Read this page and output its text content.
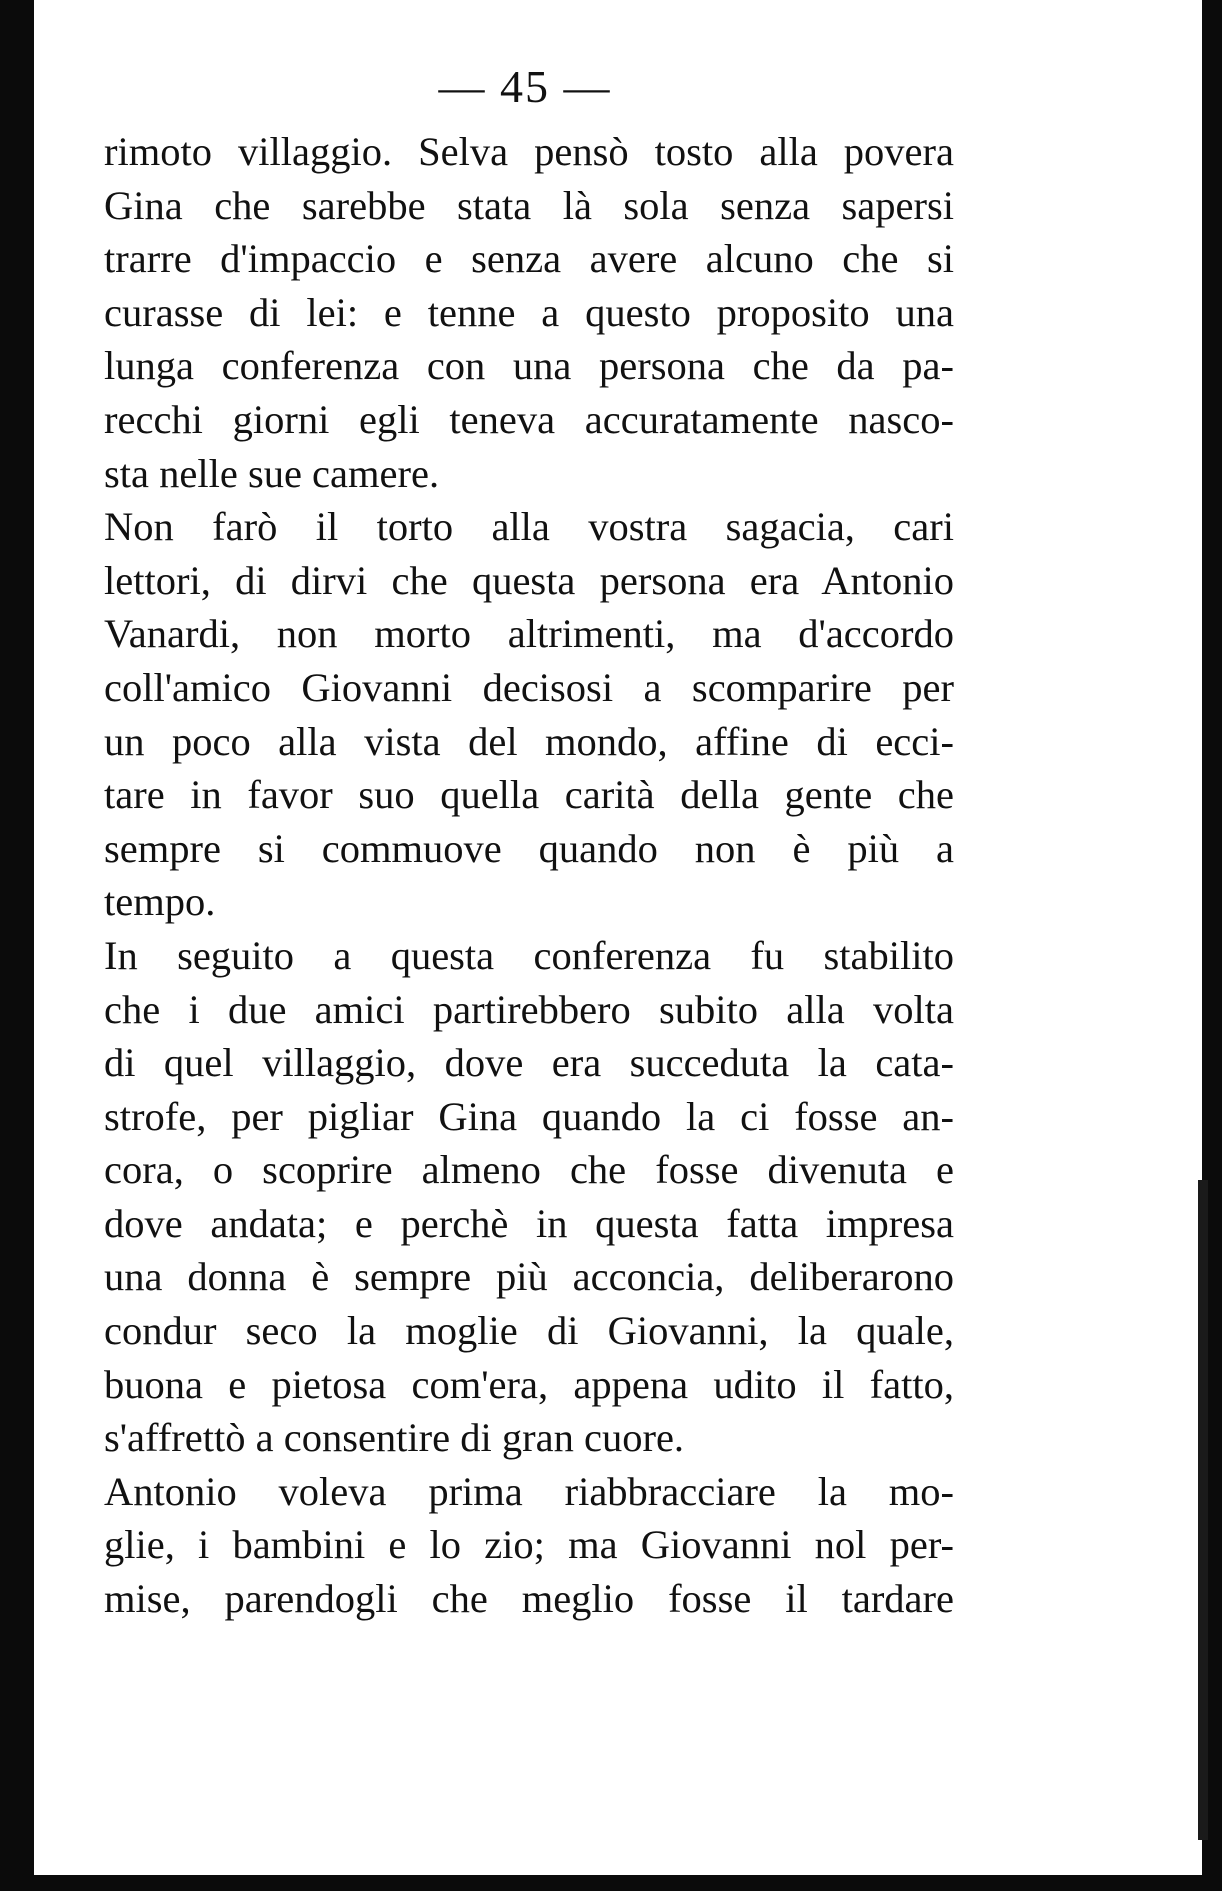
— 45 —

rimoto villaggio. Selva pensò tosto alla povera
Gina che sarebbe stata là sola senza sapersi
trarre d'impaccio e senza avere alcuno che si
curasse di lei: e tenne a questo proposito una
lunga conferenza con una persona che da pa-
recchi giorni egli teneva accuratamente nasco-
sta nelle sue camere.

Non farò il torto alla vostra sagacia, cari
lettori, di dirvi che questa persona era Antonio
Vanardi, non morto altrimenti, ma d'accordo
coll'amico Giovanni decisosi a scomparire per
un poco alla vista del mondo, affine di ecci-
tare in favor suo quella carità della gente che
sempre si commuove quando non è più a
tempo.

In seguito a questa conferenza fu stabilito
che i due amici partirebbero subito alla volta
di quel villaggio, dove era succeduta la cata-
strofe, per pigliar Gina quando la ci fosse an-
cora, o scoprire almeno che fosse divenuta e
dove andata; e perchè in questa fatta impresa
una donna è sempre più acconcia, deliberarono
condur seco la moglie di Giovanni, la quale,
buona e pietosa com'era, appena udito il fatto,
s'affrettò a consentire di gran cuore.

Antonio voleva prima riabbracciare la mo-
glie, i bambini e lo zio; ma Giovanni nol per-
mise, parendogli che meglio fosse il tardare
